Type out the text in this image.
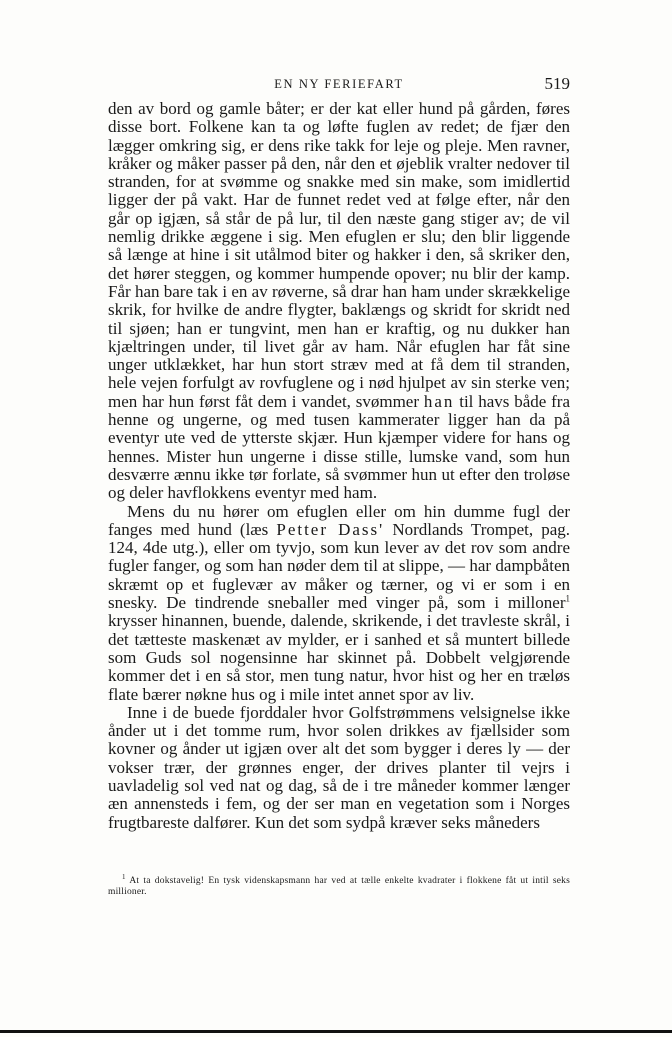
EN NY FERIEFART	519

den av bord og gamle båter; er der kat eller hund på gården, føres disse bort. Folkene kan ta og løfte fuglen av redet; de fjær den lægger omkring sig, er dens rike takk for leje og pleje. Men ravner, kråker og måker passer på den, når den et øjeblik vralter nedover til stranden, for at svømme og snakke med sin make, som imidlertid ligger der på vakt. Har de funnet redet ved at følge efter, når den går op igjæn, så står de på lur, til den næste gang stiger av; de vil nemlig drikke æggene i sig. Men efuglen er slu; den blir liggende så længe at hine i sit utålmod biter og hakker i den, så skriker den, det hører steggen, og kommer humpende opover; nu blir der kamp. Får han bare tak i en av røverne, så drar han ham under skrækkelige skrik, for hvilke de andre flygter, baklængs og skridt for skridt ned til sjøen; han er tungvint, men han er kraftig, og nu dukker han kjæltringen under, til livet går av ham. Når efuglen har fåt sine unger utklækket, har hun stort stræv med at få dem til stranden, hele vejen forfulgt av rovfuglene og i nød hjulpet av sin sterke ven; men har hun først fåt dem i vandet, svømmer han til havs både fra henne og ungerne, og med tusen kammerater ligger han da på eventyr ute ved de ytterste skjær. Hun kjæmper videre for hans og hennes. Mister hun ungerne i disse stille, lumske vand, som hun desværre ænnu ikke tør forlate, så svømmer hun ut efter den troløse og deler havflokkens eventyr med ham.

Mens du nu hører om efuglen eller om hin dumme fugl der fanges med hund (læs Petter Dass' Nordlands Trompet, pag. 124, 4de utg.), eller om tyvjo, som kun lever av det rov som andre fugler fanger, og som han nøder dem til at slippe, — har dampbåten skræmt op et fuglevær av måker og tærner, og vi er som i en snesky. De tindrende sneballer med vinger på, som i milloner$^1$ krysser hinannen, buende, dalende, skrikende, i det travleste skrål, i det tætteste maskenæt av mylder, er i sanhed et så muntert billede som Guds sol nogensinne har skinnet på. Dobbelt velgjørende kommer det i en så stor, men tung natur, hvor hist og her en træløs flate bærer nøkne hus og i mile intet annet spor av liv.

Inne i de buede fjorddaler hvor Golfstrømmens velsignelse ikke ånder ut i det tomme rum, hvor solen drikkes av fjællsider som kovner og ånder ut igjæn over alt det som bygger i deres ly — der vokser trær, der grønnes enger, der drives planter til vejrs i uavladelig sol ved nat og dag, så de i tre måneder kommer længer æn annensteds i fem, og der ser man en vegetation som i Norges frugtbareste dalfører. Kun det som sydpå kræver seks måneders

$^1$ At ta dokstavelig! En tysk videnskapsmann har ved at tælle enkelte kvadrater i flokkene fåt ut intil seks millioner.
